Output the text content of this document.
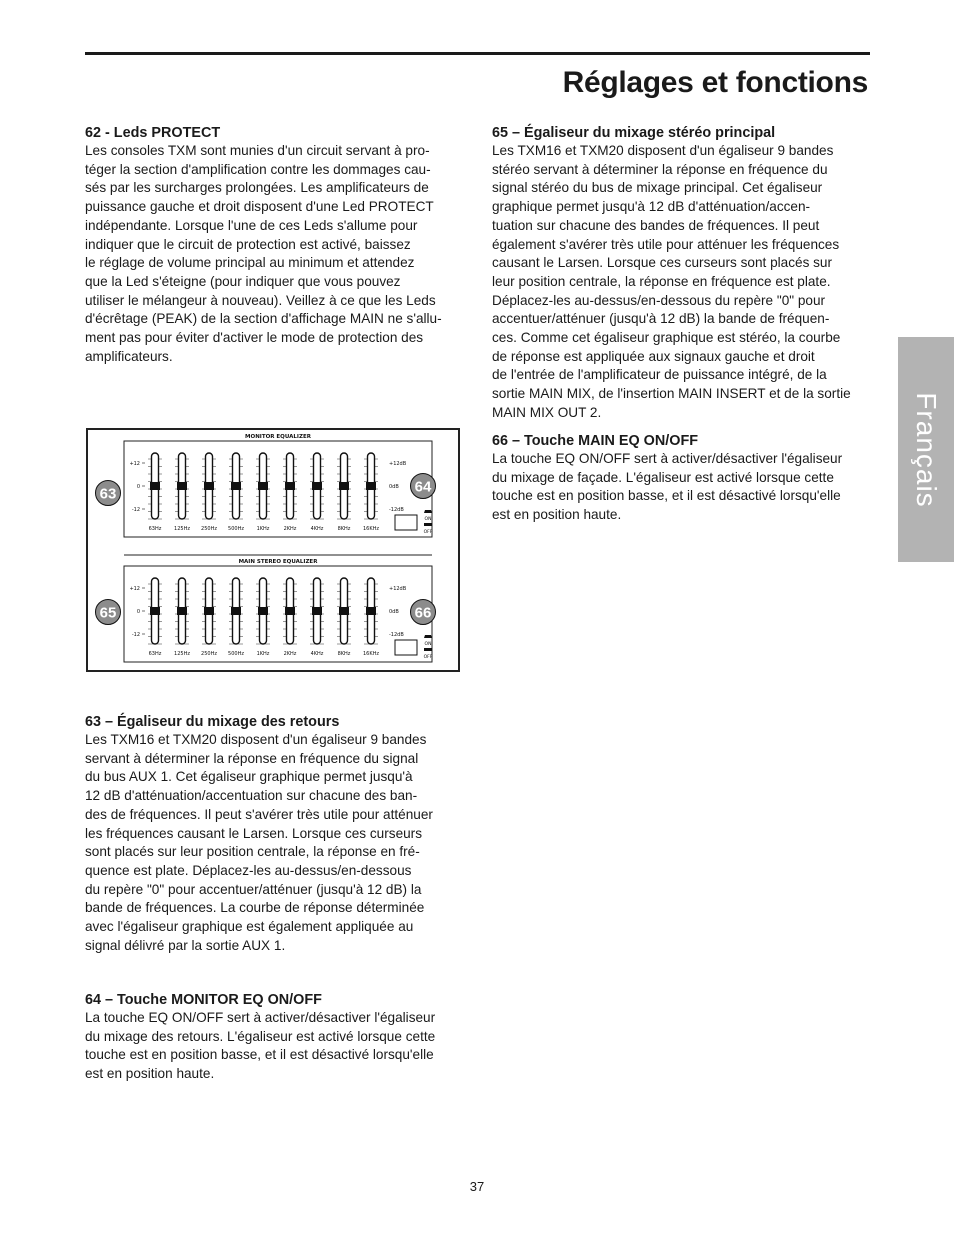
Réglages et fonctions
Français
62 - Leds PROTECT

Les consoles TXM sont munies d'un circuit servant à pro-
téger la section d'amplification contre les dommages cau-
sés par les surcharges prolongées. Les amplificateurs de
puissance gauche et droit disposent d'une Led PROTECT
indépendante. Lorsque l'une de ces Leds s'allume pour
indiquer que le circuit de protection est activé, baissez
le réglage de volume principal au minimum et attendez
que la Led s'éteigne (pour indiquer que vous pouvez
utiliser le mélangeur à nouveau). Veillez à ce que les Leds
d'écrêtage (PEAK) de la section d'affichage MAIN ne s'allu-
ment pas pour éviter d'activer le mode de protection des
amplificateurs.

MONITOR EQUALIZER
+12
0
-12
+12dB
0dB
-12dB
63Hz	125Hz 250Hz 500Hz	1KHz	2KHz	4KHz	8KHz	16KHz
ON
OFF
63	64
MAIN STEREO EQUALIZER
+12
0
-12
+12dB
0dB
-12dB
63Hz	125Hz 250Hz 500Hz	1KHz	2KHz	4KHz	8KHz	16KHz
ON
OFF
65	66
63 – Égaliseur du mixage des retours

Les TXM16 et TXM20 disposent d'un égaliseur 9 bandes
servant à déterminer la réponse en fréquence du signal
du bus AUX 1. Cet égaliseur graphique permet jusqu'à
12 dB d'atténuation/accentuation sur chacune des ban-
des de fréquences. Il peut s'avérer très utile pour atténuer
les fréquences causant le Larsen. Lorsque ces curseurs
sont placés sur leur position centrale, la réponse en fré-
quence est plate. Déplacez-les au-dessus/en-dessous
du repère "0" pour accentuer/atténuer (jusqu'à 12 dB) la
bande de fréquences. La courbe de réponse déterminée
avec l'égaliseur graphique est également appliquée au
signal délivré par la sortie AUX 1.

64 – Touche MONITOR EQ ON/OFF

La touche EQ ON/OFF sert à activer/désactiver l'égaliseur
du mixage des retours. L'égaliseur est activé lorsque cette
touche est en position basse, et il est désactivé lorsqu'elle
est en position haute.

65 – Égaliseur du mixage stéréo principal

Les TXM16 et TXM20 disposent d'un égaliseur 9 bandes
stéréo servant à déterminer la réponse en fréquence du
signal stéréo du bus de mixage principal. Cet égaliseur
graphique permet jusqu'à 12 dB d'atténuation/accen-
tuation sur chacune des bandes de fréquences. Il peut
également s'avérer très utile pour atténuer les fréquences
causant le Larsen. Lorsque ces curseurs sont placés sur
leur position centrale, la réponse en fréquence est plate.
Déplacez-les au-dessus/en-dessous du repère "0" pour
accentuer/atténuer (jusqu'à 12 dB) la bande de fréquen-
ces. Comme cet égaliseur graphique est stéréo, la courbe
de réponse est appliquée aux signaux gauche et droit
de l'entrée de l'amplificateur de puissance intégré, de la
sortie MAIN MIX, de l'insertion MAIN INSERT et de la sortie
MAIN MIX OUT 2.

66 – Touche MAIN EQ ON/OFF

La touche EQ ON/OFF sert à activer/désactiver l'égaliseur
du mixage de façade. L'égaliseur est activé lorsque cette
touche est en position basse, et il est désactivé lorsqu'elle
est en position haute.

37
